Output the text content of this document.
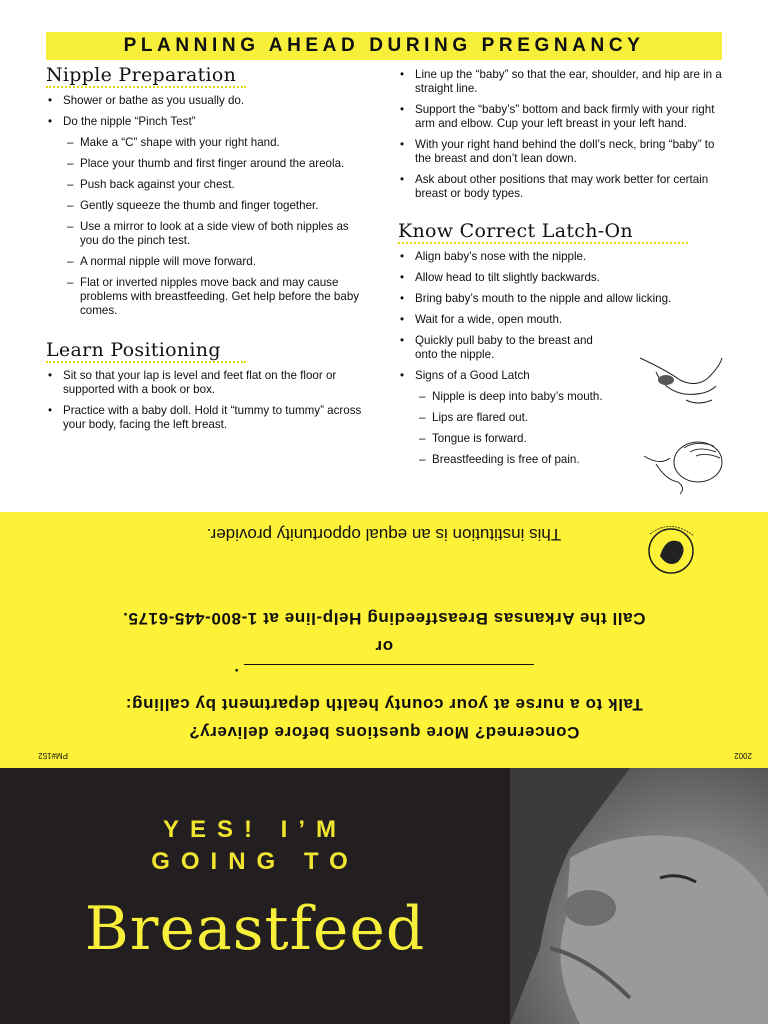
PLANNING AHEAD DURING PREGNANCY
Nipple Preparation
• Shower or bathe as you usually do.
• Do the nipple “Pinch Test”
– Make a “C” shape with your right hand.
– Place your thumb and first finger around the areola.
– Push back against your chest.
– Gently squeeze the thumb and finger together.
– Use a mirror to look at a side view of both nipples as you do the pinch test.
– A normal nipple will move forward.
– Flat or inverted nipples move back and may cause problems with breastfeeding. Get help before the baby comes.
Learn Positioning
• Sit so that your lap is level and feet flat on the floor or supported with a book or box.
• Practice with a baby doll. Hold it “tummy to tummy” across your body, facing the left breast.
• Line up the “baby” so that the ear, shoulder, and hip are in a straight line.
• Support the “baby’s” bottom and back firmly with your right arm and elbow. Cup your left breast in your left hand.
• With your right hand behind the doll’s neck, bring “baby” to the breast and don’t lean down.
• Ask about other positions that may work better for certain breast or body types.
Know Correct Latch-On
• Align baby’s nose with the nipple.
• Allow head to tilt slightly backwards.
• Bring baby’s mouth to the nipple and allow licking.
• Wait for a wide, open mouth.
• Quickly pull baby to the breast and onto the nipple.
• Signs of a Good Latch
– Nipple is deep into baby’s mouth.
– Lips are flared out.
– Tongue is forward.
– Breastfeeding is free of pain.
Concerned? More questions before delivery?
Talk to a nurse at your county health department by calling:
.
or
Call the Arkansas Breastfeeding Help-line at 1-800-445-6175.
This institution is an equal opportunity provider.
2002
PM#152
YES! I’M
GOING TO
Breastfeed
